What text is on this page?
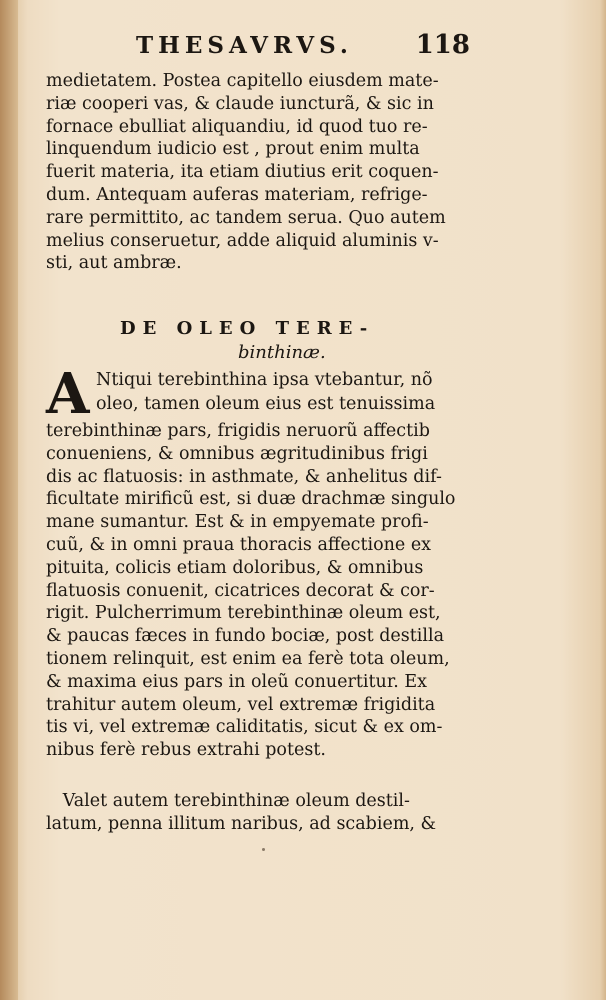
THESAVRVS. 118
medietatem. Postea capitello eiusdem mate-
riæ cooperi vas, & claude iuncturã, & sic in
fornace ebulliat aliquandiu, id quod tuo re-
linquendum iudicio est , prout enim multa
fuerit materia, ita etiam diutius erit coquen-
dum. Antequam auferas materiam, refrige-
rare permittito, ac tandem serua. Quo autem
melius conseruetur, adde aliquid aluminis v-
sti, aut ambræ.
DE OLEO TERE-
binthinæ.
A Ntiqui terebinthina ipsa vtebantur, nõ
oleo, tamen oleum eius est tenuissima
terebinthinæ pars, frigidis neruorũ affectib
conueniens, & omnibus ægritudinibus frigi
dis ac flatuosis: in asthmate, & anhelitus dif-
ficultate mirificũ est, si duæ drachmæ singulo
mane sumantur. Est & in empyemate profi-
cuũ, & in omni praua thoracis affectione ex
pituita, colicis etiam doloribus, & omnibus
flatuosis conuenit, cicatrices decorat & cor-
rigit. Pulcherrimum terebinthinæ oleum est,
& paucas fæces in fundo bociæ, post destilla
tionem relinquit, est enim ea ferè tota oleum,
& maxima eius pars in oleũ conuertitur. Ex
trahitur autem oleum, vel extremæ frigidita
tis vi, vel extremæ caliditatis, sicut & ex om-
nibus ferè rebus extrahi potest.
Valet autem terebinthinæ oleum destil-
latum, penna illitum naribus, ad scabiem, &
